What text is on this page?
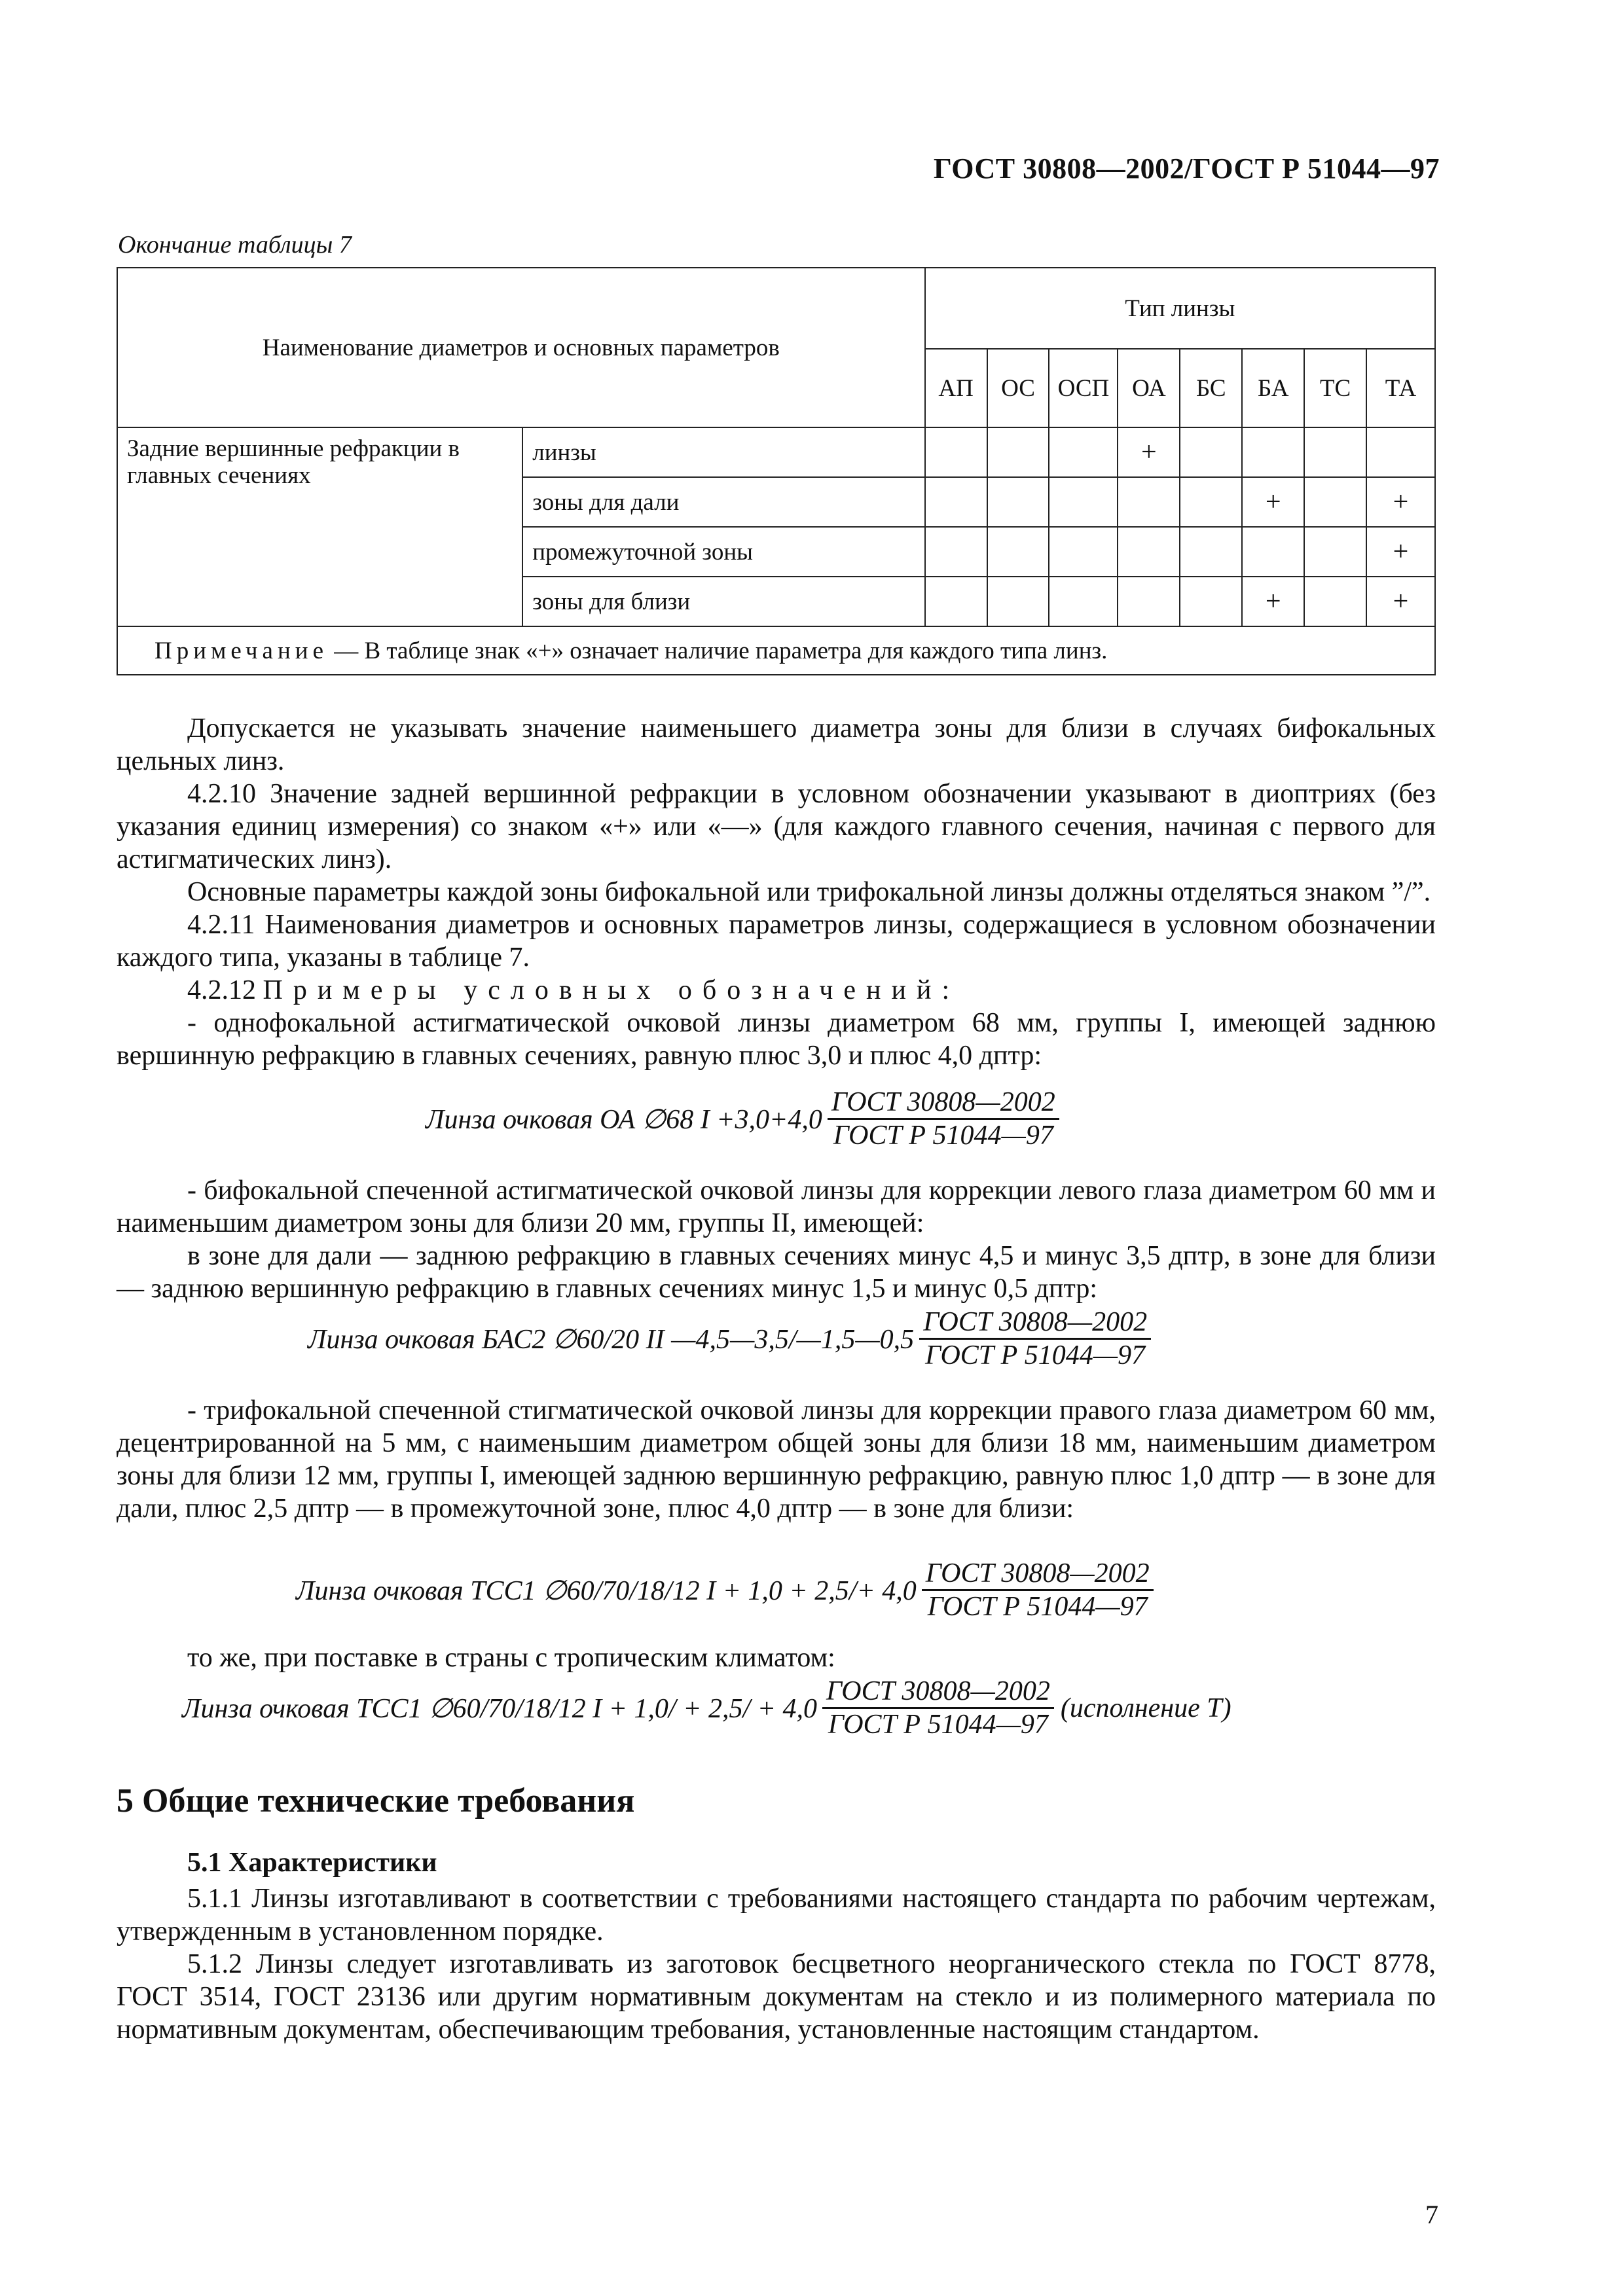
ГОСТ 30808—2002/ГОСТ Р 51044—97
Окончание таблицы 7
Наименование диаметров и основных параметров		Тип линзы							
		АП	ОС	ОСП	ОА	БС	БА	ТС	ТА
Задние вершинные рефракции в главных сечениях	линзы				+				
	зоны для дали						+		+
	промежуточной зоны								+
	зоны для близи						+		+
Примечание — В таблице знак «+» означает наличие параметра для каждого типа линз.									

Допускается не указывать значение наименьшего диаметра зоны для близи в случаях бифокальных цельных линз.

4.2.10 Значение задней вершинной рефракции в условном обозначении указывают в диоптриях (без указания единиц измерения) со знаком «+» или «—» (для каждого главного сечения, начиная с первого для астигматических линз).

Основные параметры каждой зоны бифокальной или трифокальной линзы должны отделяться знаком ”/”.

4.2.11 Наименования диаметров и основных параметров линзы, содержащиеся в условном обозначении каждого типа, указаны в таблице 7.

4.2.12 Примеры условных обозначений:

- однофокальной астигматической очковой линзы диаметром 68 мм, группы I, имеющей заднюю вершинную рефракцию в главных сечениях, равную плюс 3,0 и плюс 4,0 дптр:

Линза очковая ОА ∅68 $I +3,0+4,0 \frac{\text{ГОСТ 30808—2002}}{\text{ГОСТ Р 51044—97}}$

- бифокальной спеченной астигматической очковой линзы для коррекции левого глаза диаметром 60 мм и наименьшим диаметром зоны для близи 20 мм, группы II, имеющей:

в зоне для дали — заднюю рефракцию в главных сечениях минус 4,5 и минус 3,5 дптр, в зоне для близи — заднюю вершинную рефракцию в главных сечениях минус 1,5 и минус 0,5 дптр:

Линза очковая БАС2 ∅60/20 II —4,5—3,5/—1,5—0,5 $\frac{\text{ГОСТ 30808—2002}}{\text{ГОСТ Р 51044—97}}$

- трифокальной спеченной стигматической очковой линзы для коррекции правого глаза диаметром 60 мм, децентрированной на 5 мм, с наименьшим диаметром общей зоны для близи 18 мм, наименьшим диаметром зоны для близи 12 мм, группы I, имеющей заднюю вершинную рефракцию, равную плюс 1,0 дптр — в зоне для дали, плюс 2,5 дптр — в промежуточной зоне, плюс 4,0 дптр — в зоне для близи:

Линза очковая ТСС1 ∅60/70/18/12 $I + 1,0 + 2,5/+ 4,0 \frac{\text{ГОСТ 30808—2002}}{\text{ГОСТ Р 51044—97}}$

то же, при поставке в страны с тропическим климатом:

Линза очковая ТСС1 ∅60/70/18/12 $I + 1,0/ + 2,5/ + 4,0 \frac{\text{ГОСТ 30808—2002}}{\text{ГОСТ Р 51044—97}}$ (исполнение Т)
5 Общие технические требования
5.1 Характеристики

5.1.1 Линзы изготавливают в соответствии с требованиями настоящего стандарта по рабочим чертежам, утвержденным в установленном порядке.

5.1.2 Линзы следует изготавливать из заготовок бесцветного неорганического стекла по ГОСТ 8778, ГОСТ 3514, ГОСТ 23136 или другим нормативным документам на стекло и из полимерного материала по нормативным документам, обеспечивающим требования, установленные настоящим стандартом.

7
